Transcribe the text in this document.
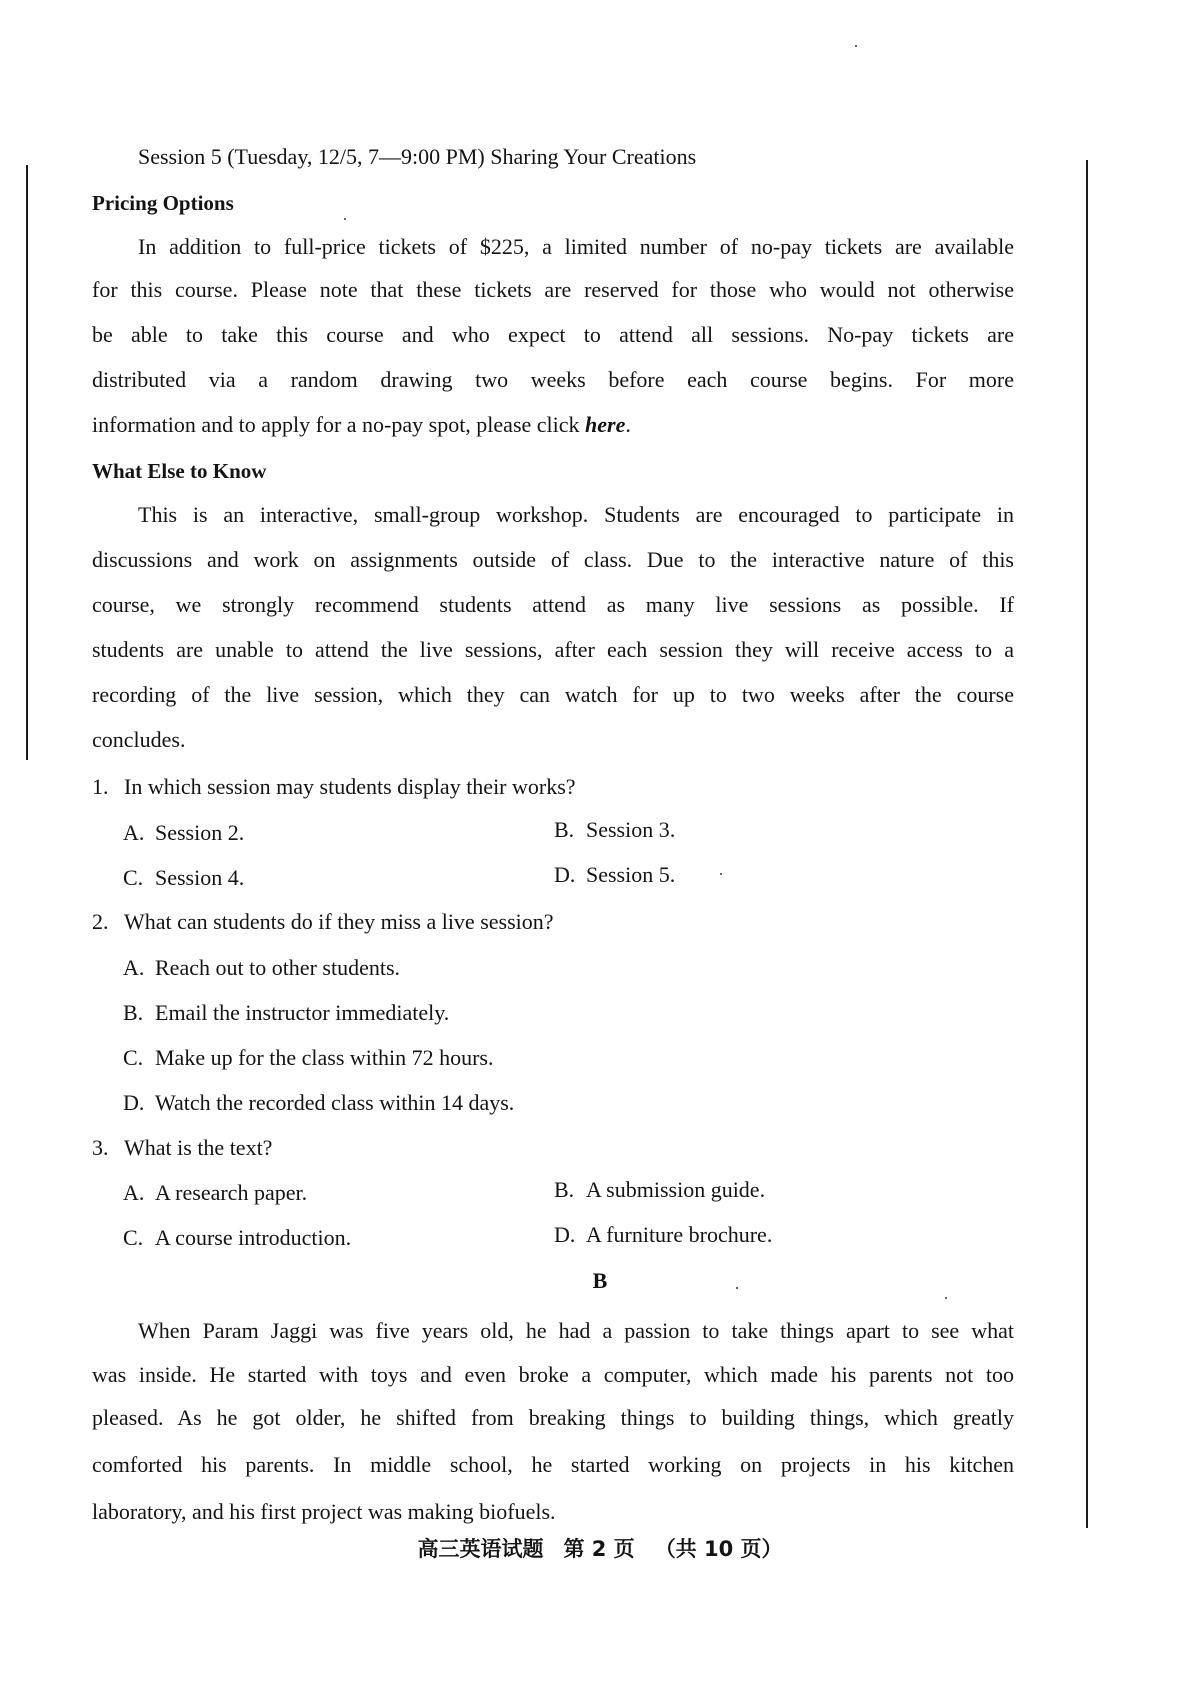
Session 5 (Tuesday, 12/5, 7—9:00 PM) Sharing Your Creations
Pricing Options
In addition to full-price tickets of $225, a limited number of no-pay tickets are available
for this course. Please note that these tickets are reserved for those who would not otherwise
be able to take this course and who expect to attend all sessions. No-pay tickets are
distributed via a random drawing two weeks before each course begins. For more
information and to apply for a no-pay spot, please click here.
What Else to Know
This is an interactive, small-group workshop. Students are encouraged to participate in
discussions and work on assignments outside of class. Due to the interactive nature of this
course, we strongly recommend students attend as many live sessions as possible. If
students are unable to attend the live sessions, after each session they will receive access to a
recording of the live session, which they can watch for up to two weeks after the course
concludes.
1. In which session may students display their works?
A. Session 2.	B. Session 3.
C. Session 4.	D. Session 5.
2. What can students do if they miss a live session?
A. Reach out to other students.
B. Email the instructor immediately.
C. Make up for the class within 72 hours.
D. Watch the recorded class within 14 days.
3. What is the text?
A. A research paper.	B. A submission guide.
C. A course introduction.	D. A furniture brochure.
B
When Param Jaggi was five years old, he had a passion to take things apart to see what
was inside. He started with toys and even broke a computer, which made his parents not too
pleased. As he got older, he shifted from breaking things to building things, which greatly
comforted his parents. In middle school, he started working on projects in his kitchen
laboratory, and his first project was making biofuels.
高三英语试题 第 2 页 （共 10 页）
